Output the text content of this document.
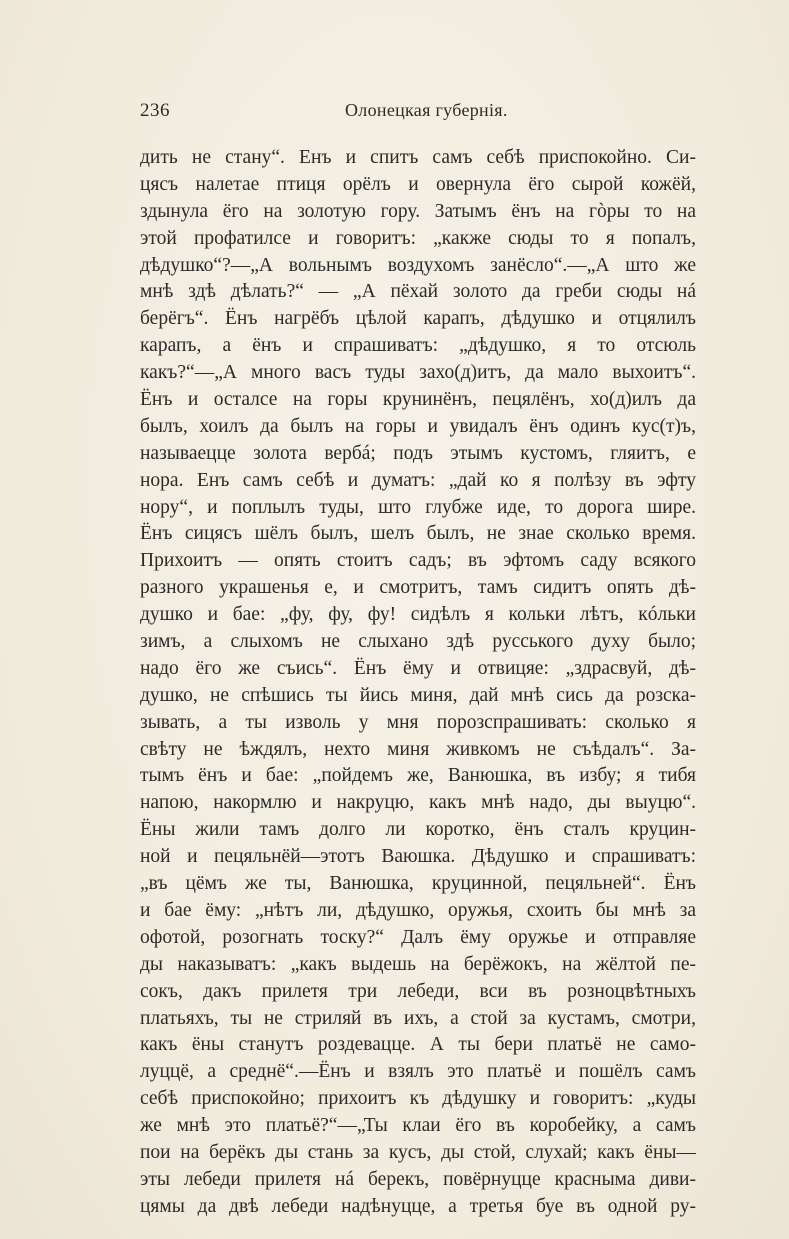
236	Олонецкая губернія.
дить не стану“. Енъ и спитъ самъ себѣ приспокойно. Си-
цясъ налетае птиця орёлъ и овернула ёго сырой кожёй,
здынула ёго на золотую гору. Затымъ ёнъ на гòры то на
этой профатилсе и говоритъ: „какже сюды то я попалъ,
дѣдушко“?—„А вольнымъ воздухомъ занёсло“.—„А што же
мнѣ здѣ дѣлать?“ — „А пёхай золото да греби сюды нá
берёгъ“. Ёнъ нагрёбъ цѣлой карапъ, дѣдушко и отцялилъ
карапъ, а ёнъ и спрашиватъ: „дѣдушко, я то отсюль
какъ?“—„А много васъ туды захо(д)итъ, да мало выхоитъ“.
Ёнъ и осталсе на горы крунинёнъ, пецялёнъ, хо(д)илъ да
былъ, хоилъ да былъ на горы и увидалъ ёнъ одинъ кус(т)ъ,
называецце золота вербá; подъ этымъ кустомъ, гляитъ, е
нора. Енъ самъ себѣ и думатъ: „дай ко я полѣзу въ эфту
нору“, и поплылъ туды, што глубже иде, то дорога шире.
Ёнъ сицясъ шёлъ былъ, шелъ былъ, не знае сколько время.
Прихоитъ — опять стоитъ садъ; въ эфтомъ саду всякого
разного украшенья е, и смотритъ, тамъ сидитъ опять дѣ-
душко и бае: „фу, фу, фу! сидѣлъ я кольки лѣтъ, кóльки
зимъ, а слыхомъ не слыхано здѣ русського духу было;
надо ёго же съись“. Ёнъ ёму и отвицяе: „здрасвуй, дѣ-
душко, не спѣшись ты йись миня, дай мнѣ сись да розска-
зывать, а ты изволь у мня порозспрашивать: сколько я
свѣту не ѣждялъ, нехто миня живкомъ не съѣдалъ“. За-
тымъ ёнъ и бае: „пойдемъ же, Ванюшка, въ избу; я тибя
напою, накормлю и накруцю, какъ мнѣ надо, ды выуцю“.
Ёны жили тамъ долго ли коротко, ёнъ сталъ круцин-
ной и пецяльнёй—этотъ Ваюшка. Дѣдушко и спрашиватъ:
„въ цёмъ же ты, Ванюшка, круцинной, пецяльней“. Ёнъ
и бае ёму: „нѣтъ ли, дѣдушко, оружья, схоить бы мнѣ за
офотой, розогнать тоску?“ Далъ ёму оружье и отправляе
ды наказыватъ: „какъ выдешь на берёжокъ, на жёлтой пе-
сокъ, дакъ прилетя три лебеди, вси въ розноцвѣтныхъ
платьяхъ, ты не стриляй въ ихъ, а стой за кустамъ, смотри,
какъ ёны станутъ роздевацце. А ты бери платьё не само-
луццё, а среднё“.—Ёнъ и взялъ это платьё и пошёлъ самъ
себѣ приспокойно; прихоитъ къ дѣдушку и говоритъ: „куды
же мнѣ это платьё?“—„Ты клаи ёго въ коробейку, а самъ
пои на берёкъ ды стань за кусъ, ды стой, слухай; какъ ёны—
эты лебеди прилетя нá берекъ, повёрнуцце красныма диви-
цямы да двѣ лебеди надѣнуцце, а третья буе въ одной ру-
